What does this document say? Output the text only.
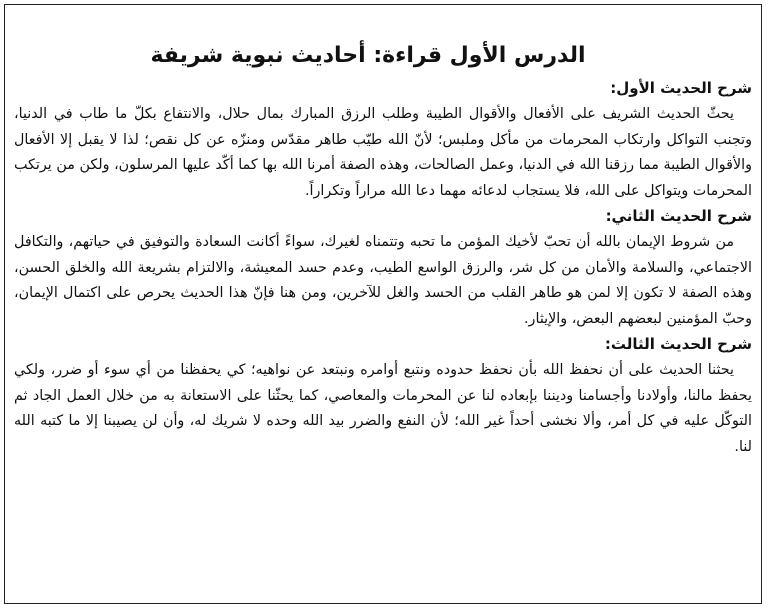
الدرس الأول قراءة: أحاديث نبوية شريفة
شرح الحديث الأول:

يحثّ الحديث الشريف على الأفعال والأقوال الطيبة وطلب الرزق المبارك بمال حلال، والانتفاع بكلّ ما طاب في الدنيا، وتجنب التواكل وارتكاب المحرمات من مأكل وملبس؛ لأنّ الله طيّب طاهر مقدّس ومنزّه عن كل نقص؛ لذا لا يقبل إلا الأفعال والأقوال الطيبة مما رزقنا الله في الدنيا، وعمل الصالحات، وهذه الصفة أمرنا الله بها كما أكّد عليها المرسلون، ولكن من يرتكب المحرمات ويتواكل على الله، فلا يستجاب لدعائه مهما دعا الله مراراً وتكراراً.

شرح الحديث الثاني:

من شروط الإيمان بالله أن تحبّ لأخيك المؤمن ما تحبه وتتمناه لغيرك، سواءً أكانت السعادة والتوفيق في حياتهم، والتكافل الاجتماعي، والسلامة والأمان من كل شر، والرزق الواسع الطيب، وعدم حسد المعيشة، والالتزام بشريعة الله والخلق الحسن، وهذه الصفة لا تكون إلا لمن هو طاهر القلب من الحسد والغل للآخرين، ومن هنا فإنّ هذا الحديث يحرص على اكتمال الإيمان، وحبّ المؤمنين لبعضهم البعض، والإيثار.

شرح الحديث الثالث:

يحثنا الحديث على أن نحفظ الله بأن نحفظ حدوده ونتبع أوامره ونبتعد عن نواهيه؛ كي يحفظنا من أي سوء أو ضرر، ولكي يحفظ مالنا، وأولادنا وأجسامنا وديننا بإبعاده لنا عن المحرمات والمعاصي، كما يحثّنا على الاستعانة به من خلال العمل الجاد ثم التوكّل عليه في كل أمر، وألا نخشى أحداً غير الله؛ لأن النفع والضرر بيد الله وحده لا شريك له، وأن لن يصيبنا إلا ما كتبه الله لنا.
